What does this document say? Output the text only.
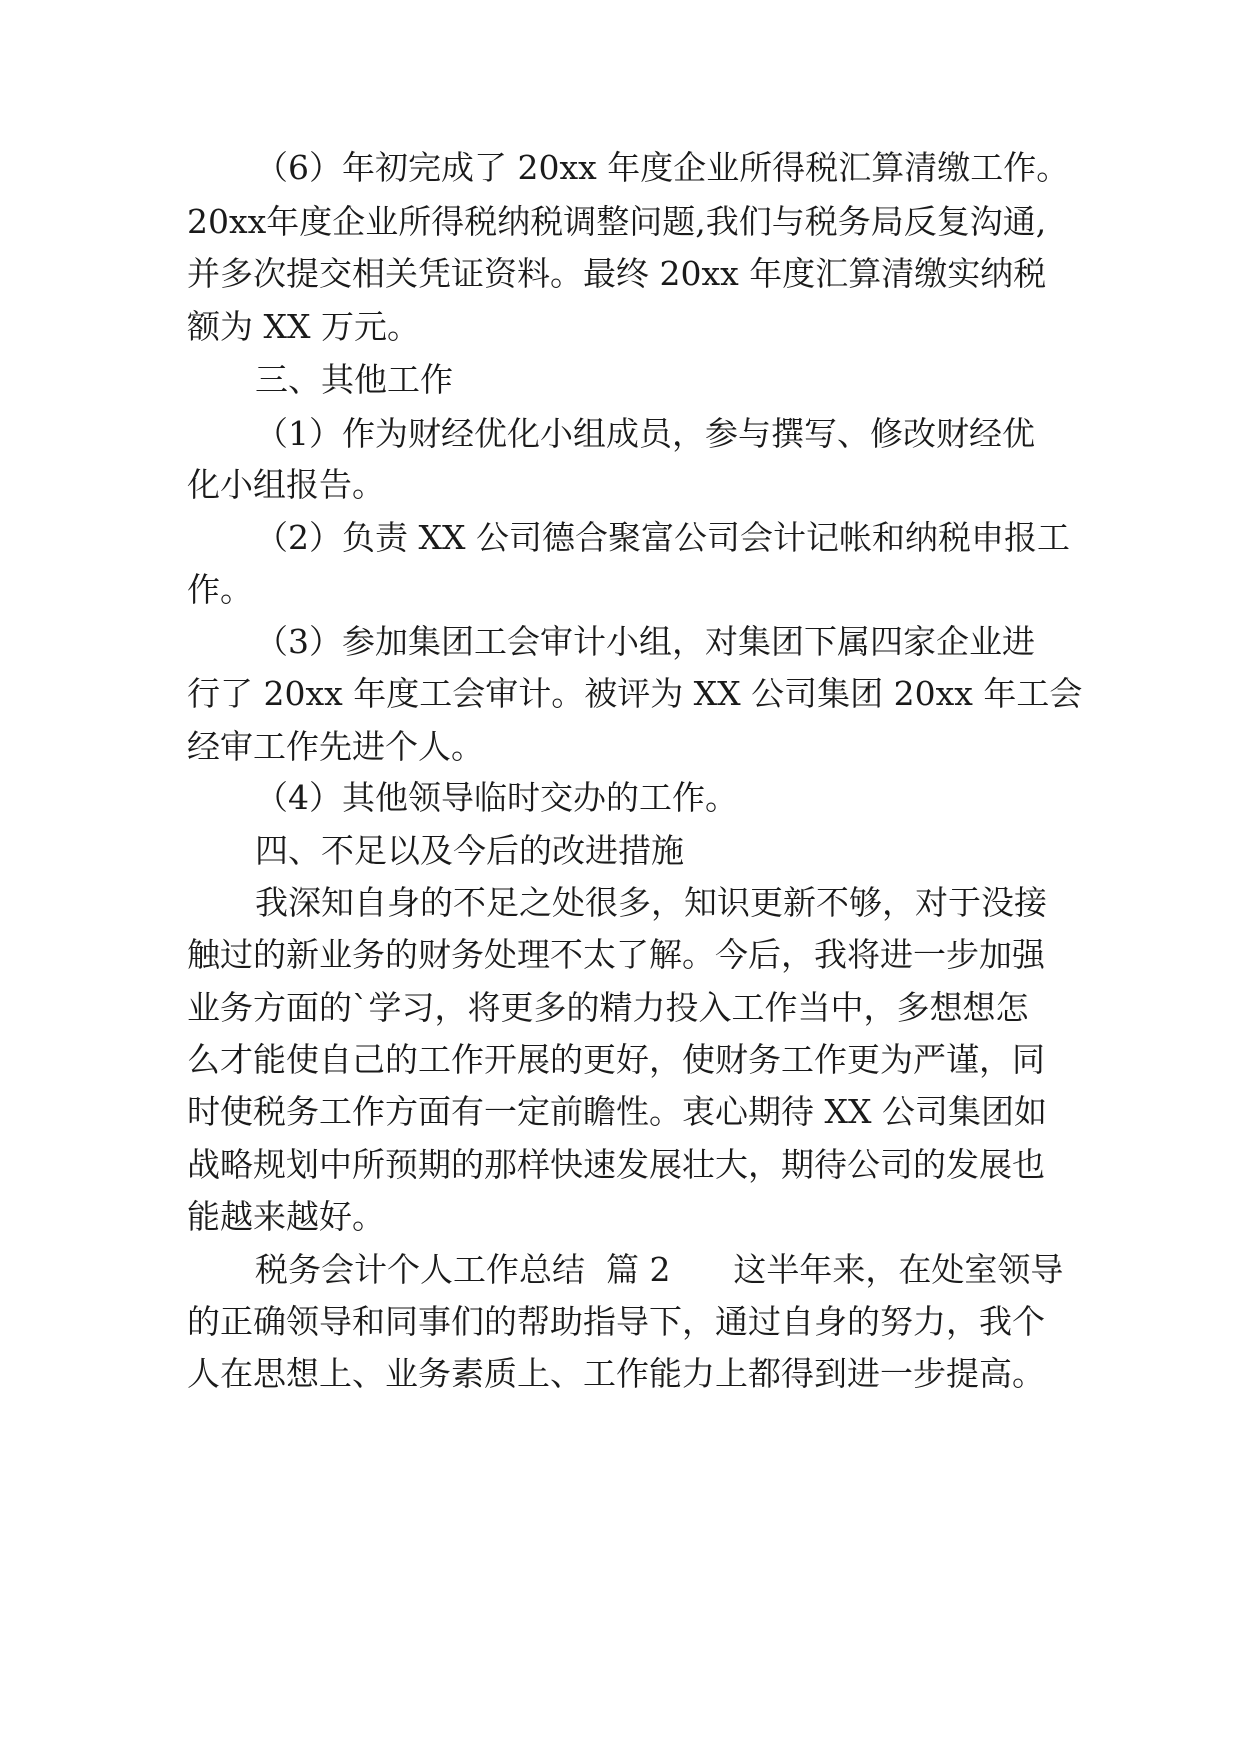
（6）年初完成了 20xx 年度企业所得税汇算清缴工作。
20xx年度企业所得税纳税调整问题,我们与税务局反复沟通,
并多次提交相关凭证资料。最终 20xx 年度汇算清缴实纳税
额为 XX 万元。
三、其他工作
（1）作为财经优化小组成员，参与撰写、修改财经优
化小组报告。
（2）负责 XX 公司德合聚富公司会计记帐和纳税申报工
作。
（3）参加集团工会审计小组，对集团下属四家企业进
行了 20xx 年度工会审计。被评为 XX 公司集团 20xx 年工会
经审工作先进个人。
（4）其他领导临时交办的工作。
四、不足以及今后的改进措施
我深知自身的不足之处很多，知识更新不够，对于没接
触过的新业务的财务处理不太了解。今后，我将进一步加强
业务方面的`学习，将更多的精力投入工作当中，多想想怎
么才能使自己的工作开展的更好，使财务工作更为严谨，同
时使税务工作方面有一定前瞻性。衷心期待 XX 公司集团如
战略规划中所预期的那样快速发展壮大，期待公司的发展也
能越来越好。
税务会计个人工作总结  篇 2      这半年来，在处室领导
的正确领导和同事们的帮助指导下，通过自身的努力，我个
人在思想上、业务素质上、工作能力上都得到进一步提高。
